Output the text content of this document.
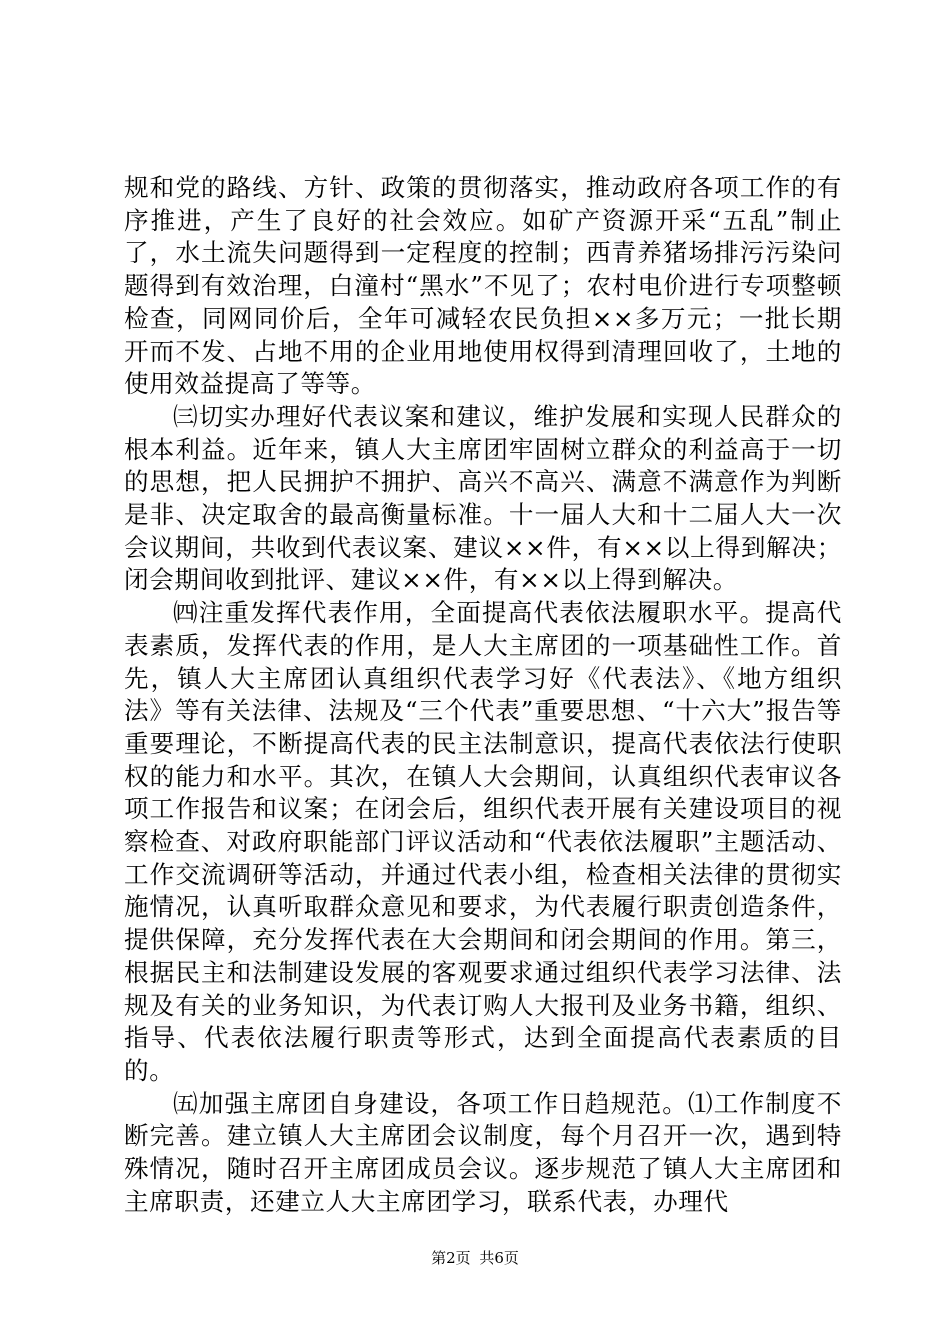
规和党的路线、方针、政策的贯彻落实，推动政府各项工作的有序推进，产生了良好的社会效应。如矿产资源开采“五乱”制止了，水土流失问题得到一定程度的控制；西青养猪场排污污染问题得到有效治理，白潼村“黑水”不见了；农村电价进行专项整顿检查，同网同价后，全年可减轻农民负担××多万元；一批长期开而不发、占地不用的企业用地使用权得到清理回收了，土地的使用效益提高了等等。

㈢切实办理好代表议案和建议，维护发展和实现人民群众的根本利益。近年来，镇人大主席团牢固树立群众的利益高于一切的思想，把人民拥护不拥护、高兴不高兴、满意不满意作为判断是非、决定取舍的最高衡量标准。十一届人大和十二届人大一次会议期间，共收到代表议案、建议××件，有××以上得到解决；闭会期间收到批评、建议××件，有××以上得到解决。

㈣注重发挥代表作用，全面提高代表依法履职水平。提高代表素质，发挥代表的作用，是人大主席团的一项基础性工作。首先，镇人大主席团认真组织代表学习好《代表法》、《地方组织法》等有关法律、法规及“三个代表”重要思想、“十六大”报告等重要理论，不断提高代表的民主法制意识，提高代表依法行使职权的能力和水平。其次，在镇人大会期间，认真组织代表审议各项工作报告和议案；在闭会后，组织代表开展有关建设项目的视察检查、对政府职能部门评议活动和“代表依法履职”主题活动、工作交流调研等活动，并通过代表小组，检查相关法律的贯彻实施情况，认真听取群众意见和要求，为代表履行职责创造条件，提供保障，充分发挥代表在大会期间和闭会期间的作用。第三，根据民主和法制建设发展的客观要求通过组织代表学习法律、法规及有关的业务知识，为代表订购人大报刊及业务书籍，组织、指导、代表依法履行职责等形式，达到全面提高代表素质的目的。

㈤加强主席团自身建设，各项工作日趋规范。⑴工作制度不断完善。建立镇人大主席团会议制度，每个月召开一次，遇到特殊情况，随时召开主席团成员会议。逐步规范了镇人大主席团和主席职责，还建立人大主席团学习，联系代表，办理代

第2页 共6页
